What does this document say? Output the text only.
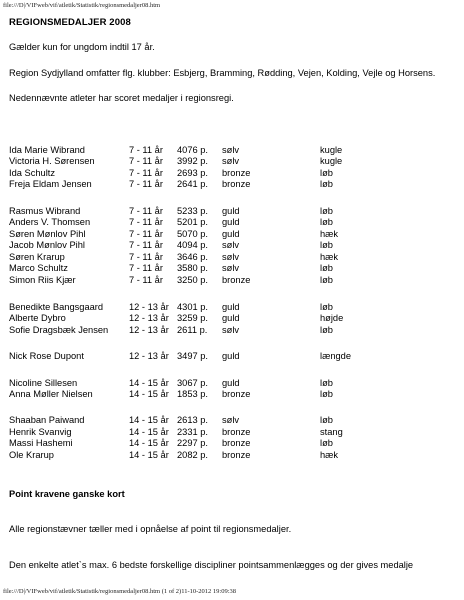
file:///D|/VIFweb/vif/atletik/Statistik/regionsmedaljer08.htm
REGIONSMEDALJER 2008
Gælder kun for ungdom indtil 17 år.
Region Sydjylland omfatter flg. klubber: Esbjerg, Bramming, Rødding, Vejen, Kolding, Vejle og Horsens.
Nedennævnte atleter har scoret medaljer i regionsregi.
Ida Marie Wibrand	7 - 11 år 4076 p. sølv	kugle
Victoria H. Sørensen	7 - 11 år 3992 p. sølv	kugle
Ida Schultz	7 - 11 år 2693 p. bronze	løb
Freja Eldam Jensen	7 - 11 år 2641 p. bronze	løb
Rasmus Wibrand	7 - 11 år 5233 p. guld	løb
Anders V. Thomsen	7 - 11 år 5201 p. guld	løb
Søren Mønlov Pihl	7 - 11 år 5070 p. guld	hæk
Jacob Mønlov Pihl	7 - 11 år 4094 p. sølv	løb
Søren Krarup	7 - 11 år 3646 p. sølv	hæk
Marco Schultz	7 - 11 år 3580 p. sølv	løb
Simon Riis Kjær	7 - 11 år 3250 p. bronze	løb
Benedikte Bangsgaard	12 - 13 år 4301 p. guld	løb
Alberte Dybro	12 - 13 år 3259 p. guld	højde
Sofie Dragsbæk Jensen 12 - 13 år 2611 p. sølv	løb
Nick Rose Dupont	12 - 13 år 3497 p. guld	længde
Nicoline Sillesen	14 - 15 år 3067 p. guld	løb
Anna Møller Nielsen	14 - 15 år 1853 p. bronze	løb
Shaaban Paiwand	14 - 15 år 2613 p. sølv	løb
Henrik Svanvig	14 - 15 år 2331 p. bronze	stang
Massi Hashemi	14 - 15 år 2297 p. bronze	løb
Ole Krarup	14 - 15 år 2082 p. bronze	hæk
Point kravene ganske kort
Alle regionstævner tæller med i opnåelse af point til regionsmedaljer.
Den enkelte atlet`s max. 6 bedste forskellige discipliner pointsammenlægges og der gives medalje
file:///D|/VIFweb/vif/atletik/Statistik/regionsmedaljer08.htm (1 of 2)11-10-2012 19:09:38
